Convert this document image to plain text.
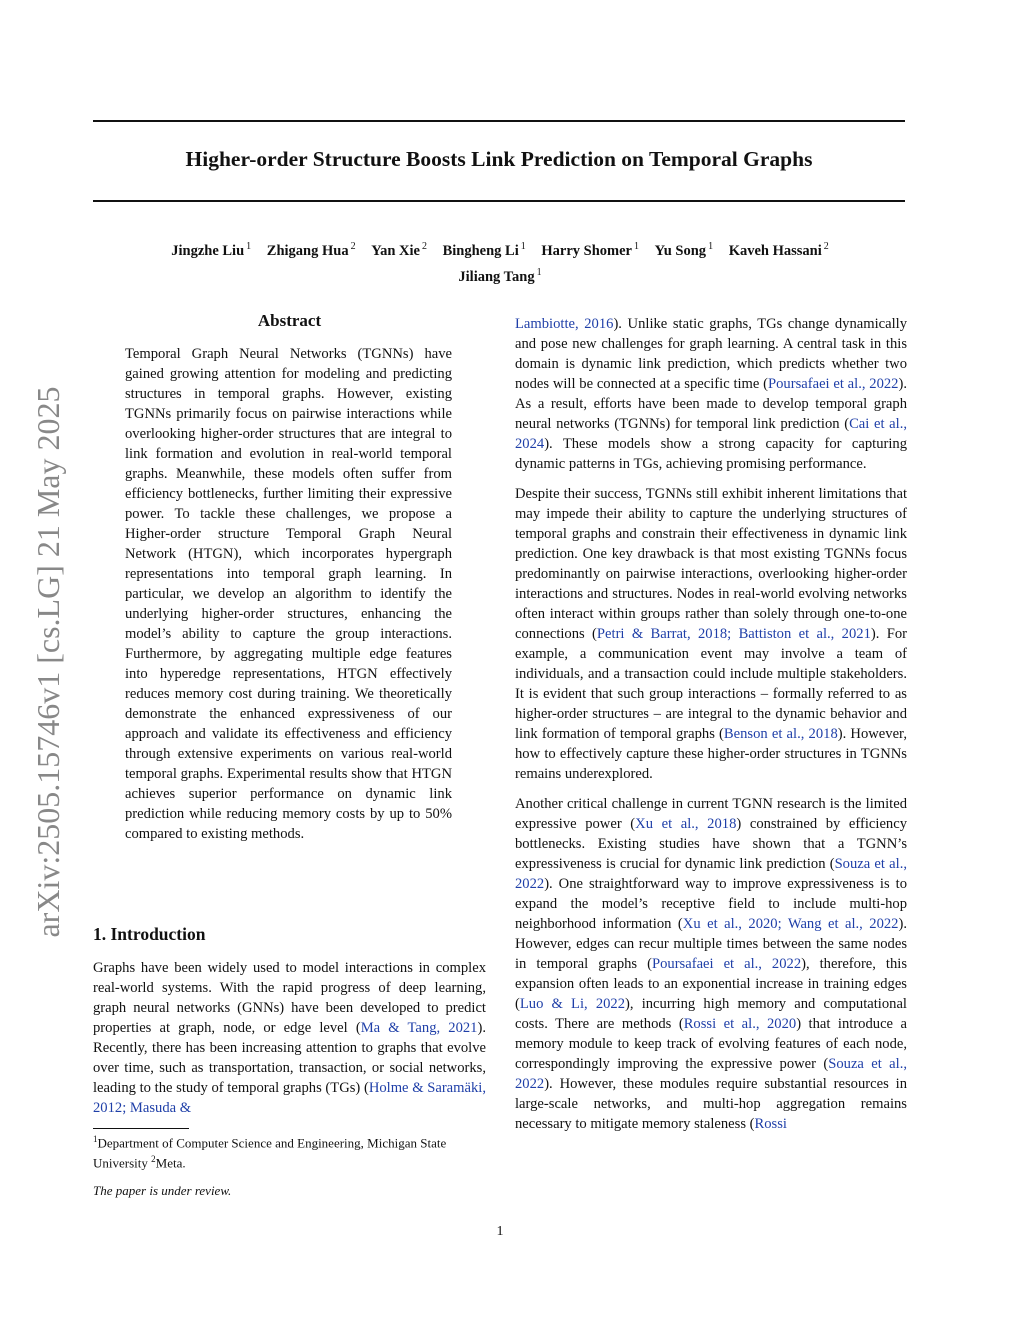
Higher-order Structure Boosts Link Prediction on Temporal Graphs
Jingzhe Liu $^1$ Zhigang Hua $^2$ Yan Xie $^2$ Bingheng Li $^1$ Harry Shomer $^1$ Yu Song $^1$ Kaveh Hassani $^2$
Jiliang Tang $^1$
arXiv:2505.15746v1 [cs.LG] 21 May 2025
Abstract

Temporal Graph Neural Networks (TGNNs) have gained growing attention for modeling and predicting structures in temporal graphs. However, existing TGNNs primarily focus on pairwise interactions while overlooking higher-order structures that are integral to link formation and evolution in real-world temporal graphs. Meanwhile, these models often suffer from efficiency bottlenecks, further limiting their expressive power. To tackle these challenges, we propose a Higher-order structure Temporal Graph Neural Network (HTGN), which incorporates hypergraph representations into temporal graph learning. In particular, we develop an algorithm to identify the underlying higher-order structures, enhancing the model’s ability to capture the group interactions. Furthermore, by aggregating multiple edge features into hyperedge representations, HTGN effectively reduces memory cost during training. We theoretically demonstrate the enhanced expressiveness of our approach and validate its effectiveness and efficiency through extensive experiments on various real-world temporal graphs. Experimental results show that HTGN achieves superior performance on dynamic link prediction while reducing memory costs by up to 50% compared to existing methods.

1. Introduction

Graphs have been widely used to model interactions in complex real-world systems. With the rapid progress of deep learning, graph neural networks (GNNs) have been developed to predict properties at graph, node, or edge level (Ma & Tang, 2021). Recently, there has been increasing attention to graphs that evolve over time, such as transportation, transaction, or social networks, leading to the study of temporal graphs (TGs) (Holme & Saramäki, 2012; Masuda &

$^1$Department of Computer Science and Engineering, Michigan State University $^2$Meta.

The paper is under review.

Lambiotte, 2016). Unlike static graphs, TGs change dynamically and pose new challenges for graph learning. A central task in this domain is dynamic link prediction, which predicts whether two nodes will be connected at a specific time (Poursafaei et al., 2022). As a result, efforts have been made to develop temporal graph neural networks (TGNNs) for temporal link prediction (Cai et al., 2024). These models show a strong capacity for capturing dynamic patterns in TGs, achieving promising performance.

Despite their success, TGNNs still exhibit inherent limitations that may impede their ability to capture the underlying structures of temporal graphs and constrain their effectiveness in dynamic link prediction. One key drawback is that most existing TGNNs focus predominantly on pairwise interactions, overlooking higher-order interactions and structures. Nodes in real-world evolving networks often interact within groups rather than solely through one-to-one connections (Petri & Barrat, 2018; Battiston et al., 2021). For example, a communication event may involve a team of individuals, and a transaction could include multiple stakeholders. It is evident that such group interactions – formally referred to as higher-order structures – are integral to the dynamic behavior and link formation of temporal graphs (Benson et al., 2018). However, how to effectively capture these higher-order structures in TGNNs remains underexplored.

Another critical challenge in current TGNN research is the limited expressive power (Xu et al., 2018) constrained by efficiency bottlenecks. Existing studies have shown that a TGNN’s expressiveness is crucial for dynamic link prediction (Souza et al., 2022). One straightforward way to improve expressiveness is to expand the model’s receptive field to include multi-hop neighborhood information (Xu et al., 2020; Wang et al., 2022). However, edges can recur multiple times between the same nodes in temporal graphs (Poursafaei et al., 2022), therefore, this expansion often leads to an exponential increase in training edges (Luo & Li, 2022), incurring high memory and computational costs. There are methods (Rossi et al., 2020) that introduce a memory module to keep track of evolving features of each node, correspondingly improving the expressive power (Souza et al., 2022). However, these modules require substantial resources in large-scale networks, and multi-hop aggregation remains necessary to mitigate memory staleness (Rossi

1
